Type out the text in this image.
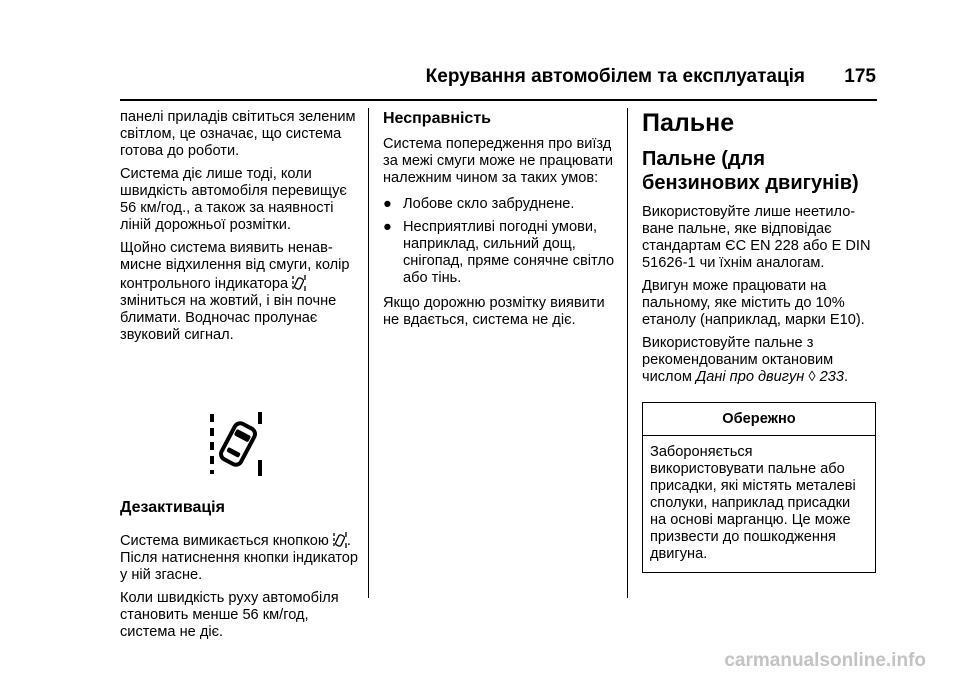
Керування автомобілем та експлуатація 175

панелі приладів світиться зеленим світлом, це означає, що система готова до роботи.

Система діє лише тоді, коли швидкість автомобіля перевищує 56 км/год., а також за наявності ліній дорожньої розмітки.

Щойно система виявить ненав-мисне відхилення від смуги, колір контрольного індикатора  зміниться на жовтий, і він почне блимати. Водночас пролунає звуковий сигнал.

Дезактивація

Система вимикається кнопкою . Після натиснення кнопки індикатор у ній згасне.

Коли швидкість руху автомобіля становить менше 56 км/год, система не діє.

Несправність

Система попередження про виїзд за межі смуги може не працювати належним чином за таких умов:

● Лобове скло забруднене.
● Несприятливі погодні умови, наприклад, сильний дощ, снігопад, пряме сонячне світло або тінь.

Якщо дорожню розмітку виявити не вдається, система не діє.

Пальне
Пальне (для бензинових двигунів)

Використовуйте лише неетило-ване пальне, яке відповідає стандартам ЄС EN 228 або E DIN 51626-1 чи їхнім аналогам.

Двигун може працювати на пальному, яке містить до 10% етанолу (наприклад, марки E10).

Використовуйте пальне з рекомендованим октановим числом Дані про двигун ◊ 233.

Обережно
Забороняється використовувати пальне або присадки, які містять металеві сполуки, наприклад присадки на основі марганцю. Це може призвести до пошкодження двигуна.
carmanualsonline.info
